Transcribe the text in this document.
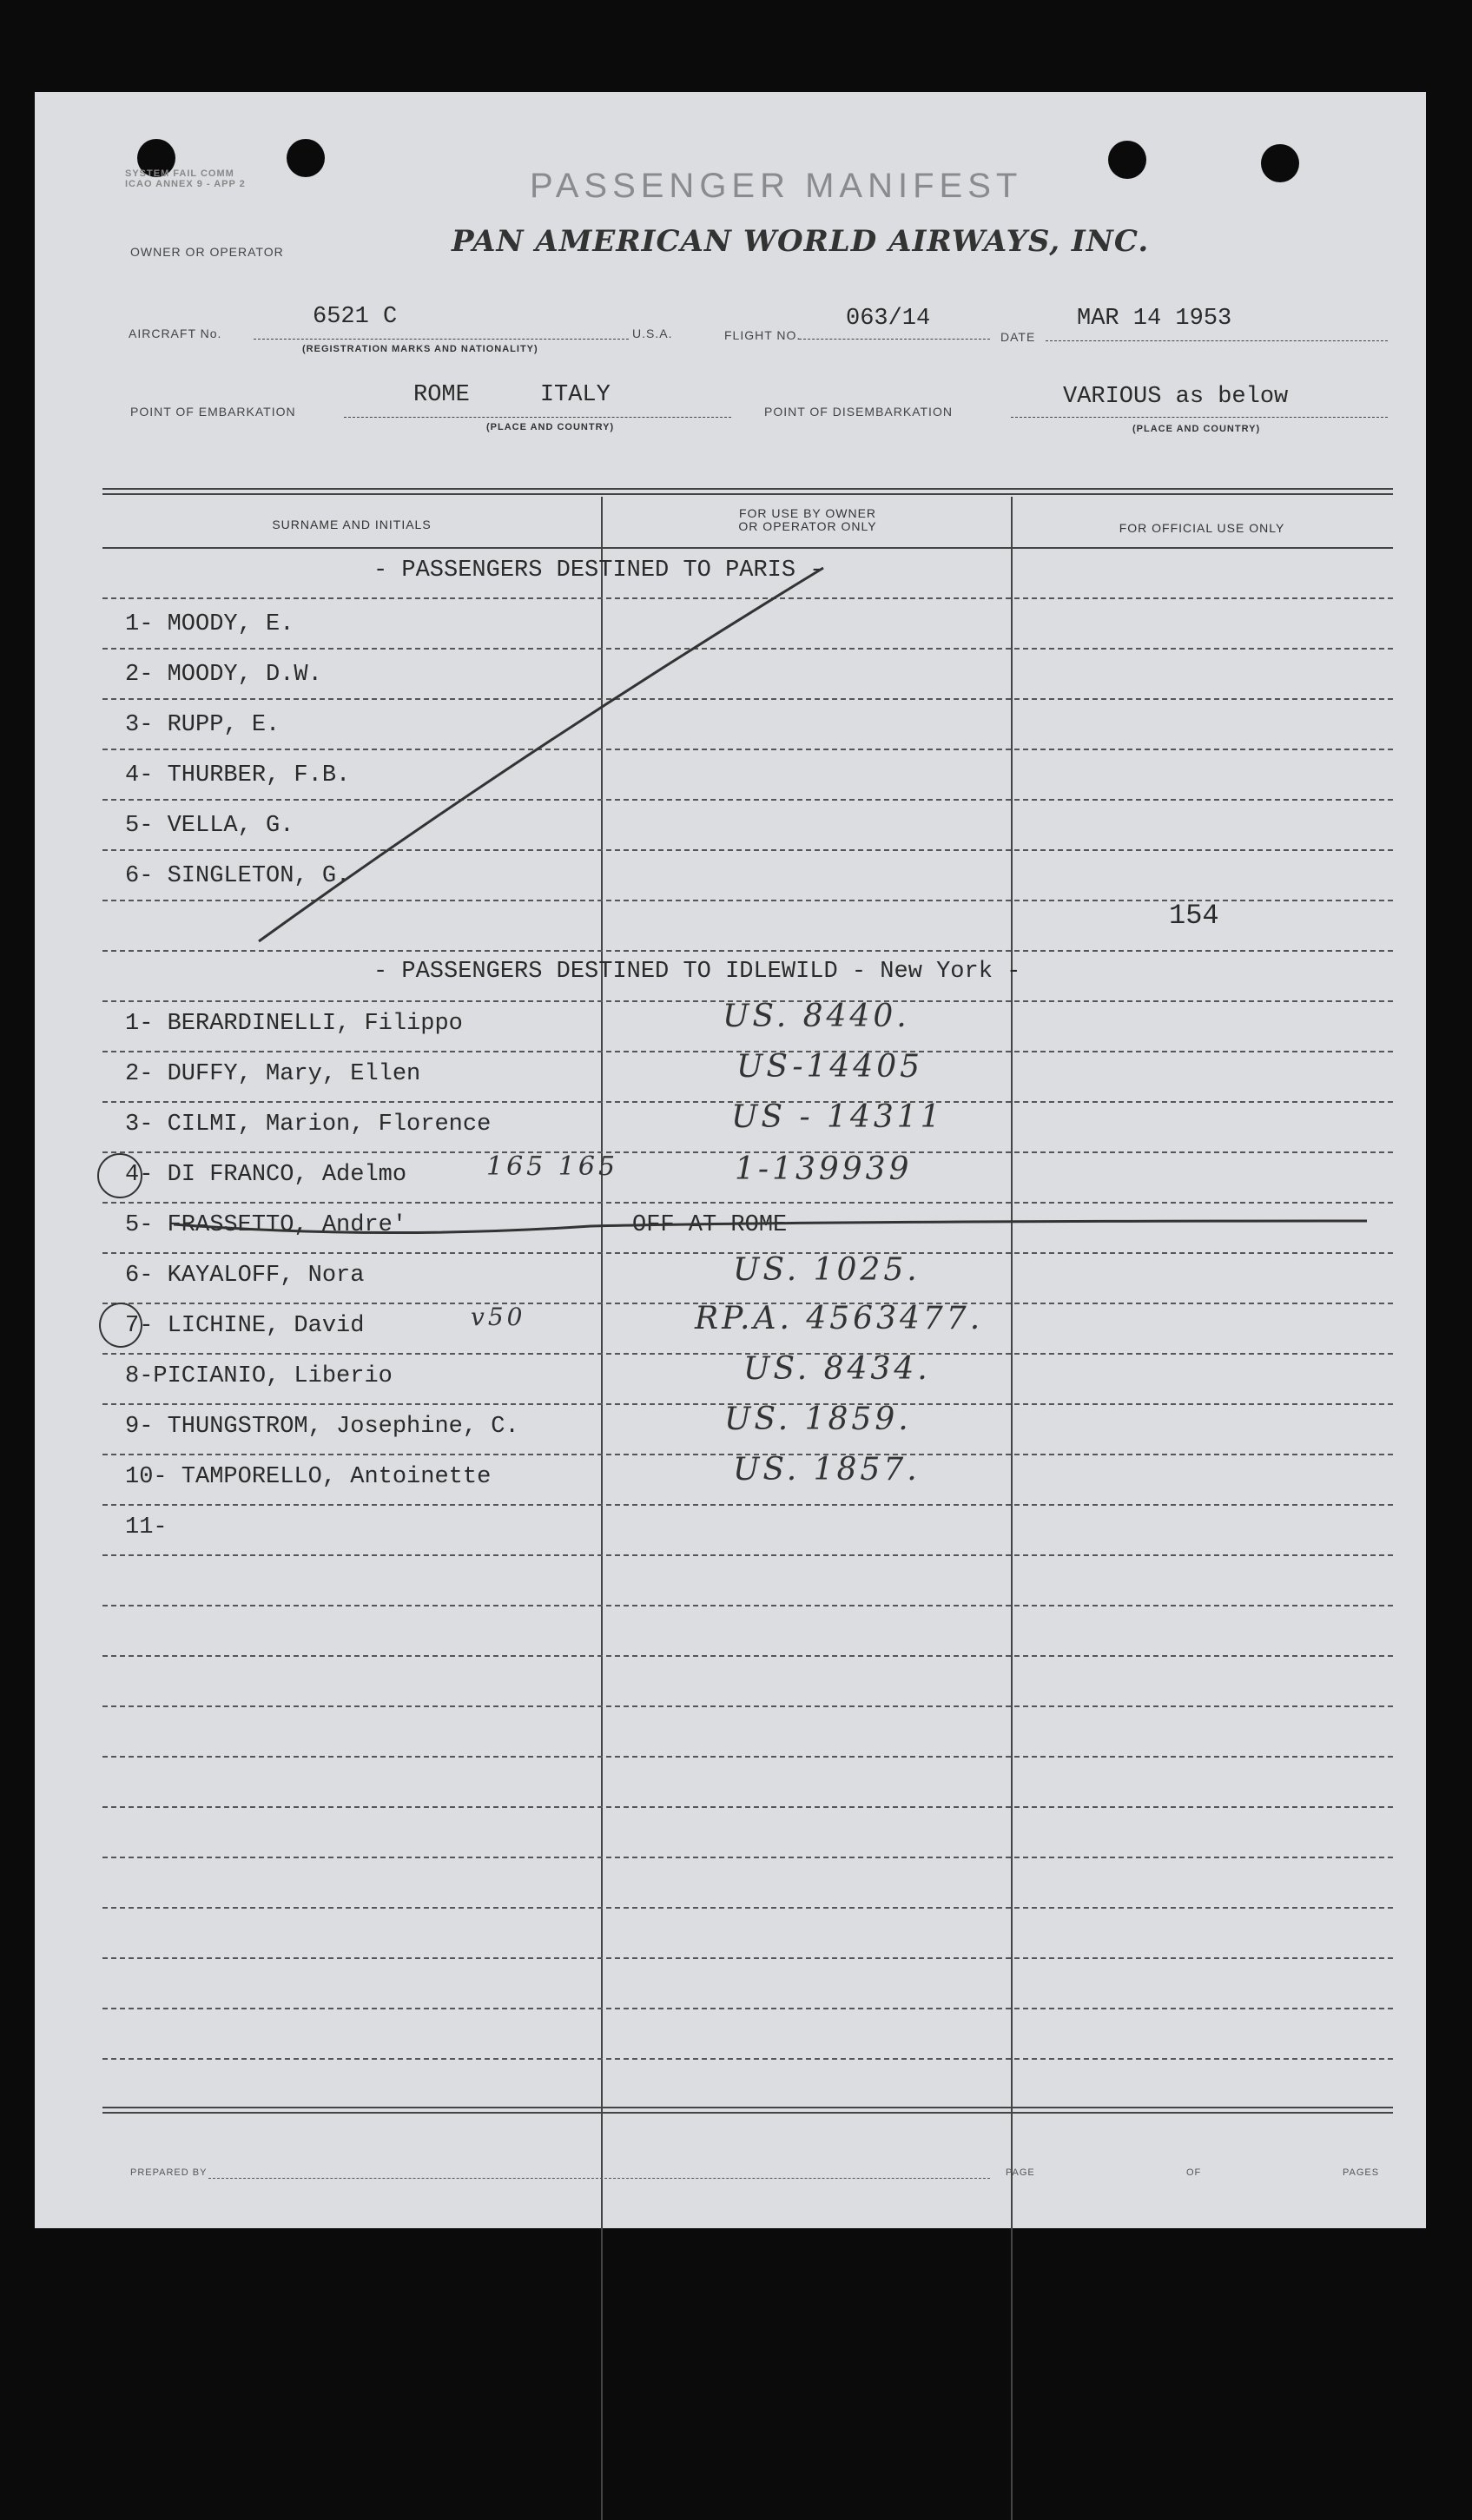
SYSTEM FAIL COMM
ICAO ANNEX 9 - APP 2	PASSENGER MANIFEST
PAN AMERICAN WORLD AIRWAYS, INC.
OWNER OR OPERATOR
AIRCRAFT No.
6521 C
(REGISTRATION MARKS AND NATIONALITY)
U.S.A.	FLIGHT NO.
063/14
DATE
MAR 14 1953
POINT OF EMBARKATION
ROME     ITALY
(PLACE AND COUNTRY)
POINT OF DISEMBARKATION
VARIOUS as below
(PLACE AND COUNTRY)
SURNAME AND INITIALS
FOR USE BY OWNER
OR OPERATOR ONLY	FOR OFFICIAL USE ONLY
- PASSENGERS DESTINED TO PARIS -
1- MOODY, E.
2- MOODY, D.W.
3- RUPP, E.
4- THURBER, F.B.
5- VELLA, G.
6- SINGLETON, G.
154
- PASSENGERS DESTINED TO IDLEWILD - New York -
1- BERARDINELLI, Filippo	US. 8440.
2- DUFFY, Mary, Ellen	US-14405
3- CILMI, Marion, Florence	US - 14311
4- DI FRANCO, Adelmo	165 165	1-139939
5- FRASSETTO, Andre'	OFF AT ROME
6- KAYALOFF, Nora	US. 1025.
7- LICHINE, David	v50	RP.A. 4563477.
8-PICIANIO, Liberio	US. 8434.
9- THUNGSTROM, Josephine, C.	US. 1859.
10- TAMPORELLO, Antoinette	US. 1857.
11-
PREPARED BY	PAGE	OF	PAGES
